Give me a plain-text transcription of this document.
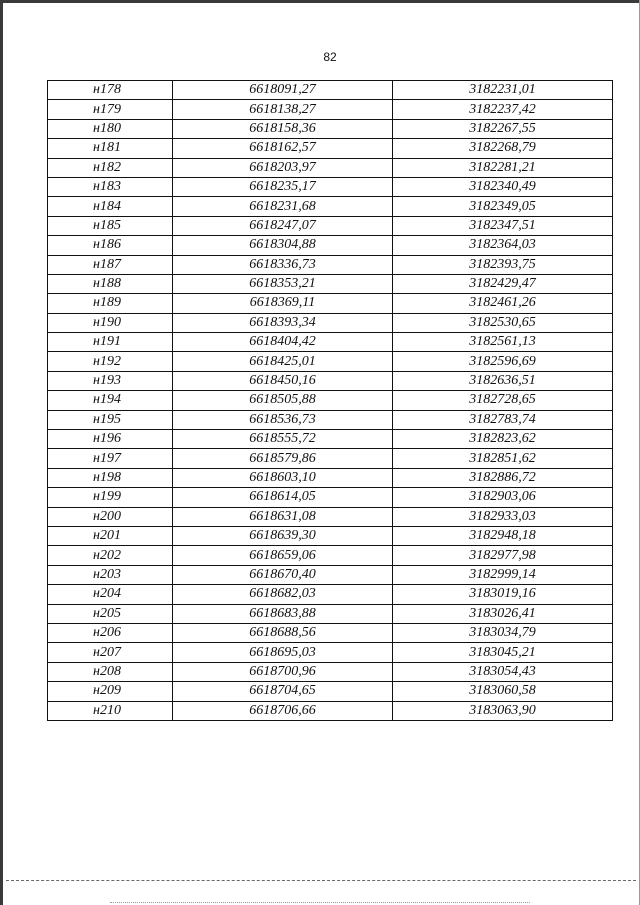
82
н178	6618091,27	3182231,01
н179	6618138,27	3182237,42
н180	6618158,36	3182267,55
н181	6618162,57	3182268,79
н182	6618203,97	3182281,21
н183	6618235,17	3182340,49
н184	6618231,68	3182349,05
н185	6618247,07	3182347,51
н186	6618304,88	3182364,03
н187	6618336,73	3182393,75
н188	6618353,21	3182429,47
н189	6618369,11	3182461,26
н190	6618393,34	3182530,65
н191	6618404,42	3182561,13
н192	6618425,01	3182596,69
н193	6618450,16	3182636,51
н194	6618505,88	3182728,65
н195	6618536,73	3182783,74
н196	6618555,72	3182823,62
н197	6618579,86	3182851,62
н198	6618603,10	3182886,72
н199	6618614,05	3182903,06
н200	6618631,08	3182933,03
н201	6618639,30	3182948,18
н202	6618659,06	3182977,98
н203	6618670,40	3182999,14
н204	6618682,03	3183019,16
н205	6618683,88	3183026,41
н206	6618688,56	3183034,79
н207	6618695,03	3183045,21
н208	6618700,96	3183054,43
н209	6618704,65	3183060,58
н210	6618706,66	3183063,90
